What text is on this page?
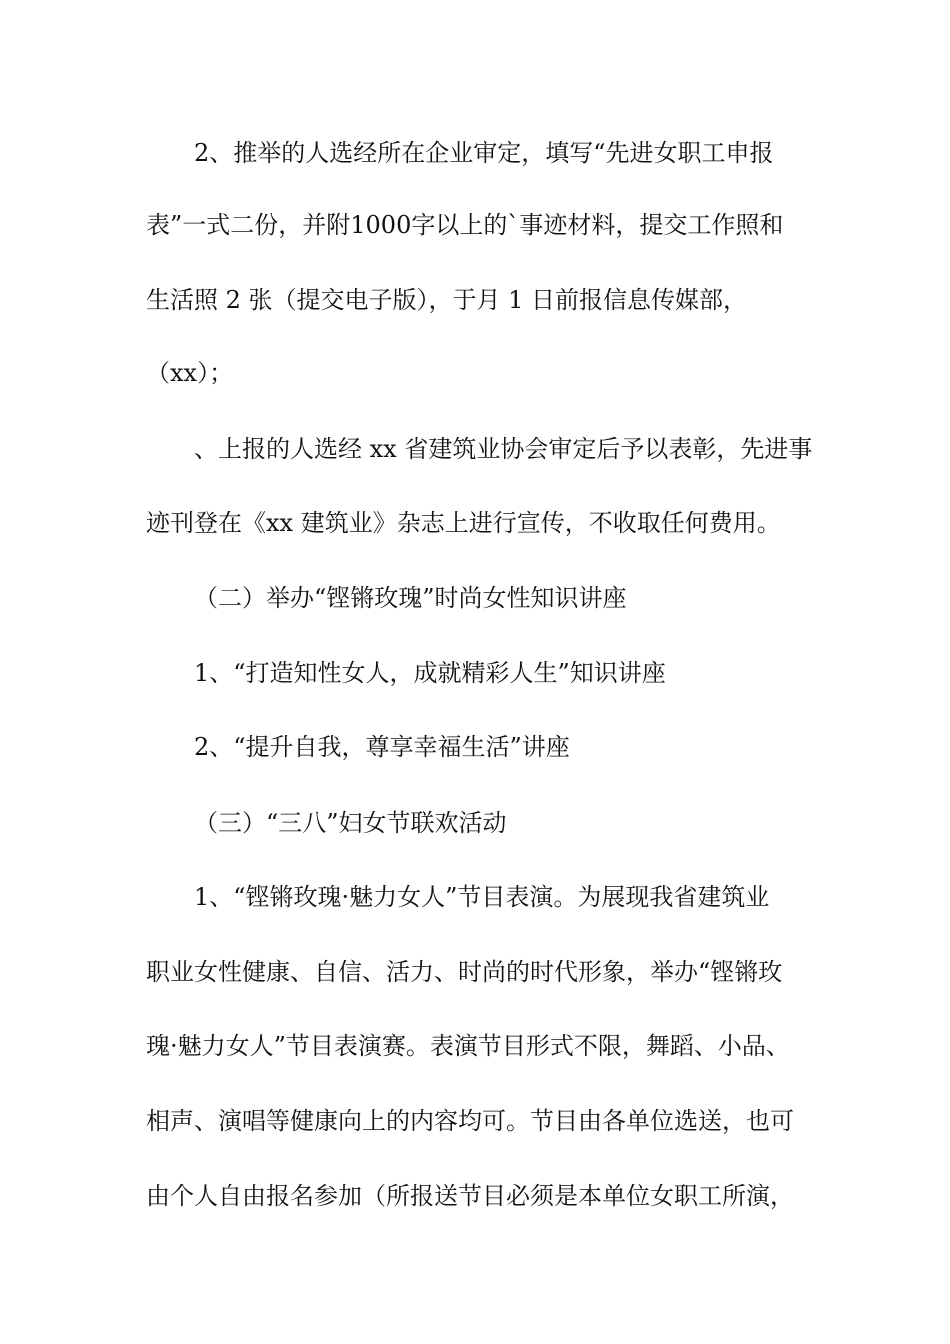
2、推举的人选经所在企业审定，填写“先进女职工申报
表”一式二份，并附1000字以上的`事迹材料，提交工作照和
生活照 2 张（提交电子版），于月 1 日前报信息传媒部，
（xx）；
、上报的人选经 xx 省建筑业协会审定后予以表彰，先进事
迹刊登在《xx 建筑业》杂志上进行宣传，不收取任何费用。
（二）举办“铿锵玫瑰”时尚女性知识讲座
1、“打造知性女人，成就精彩人生”知识讲座
2、“提升自我，尊享幸福生活”讲座
（三）“三八”妇女节联欢活动
1、“铿锵玫瑰·魅力女人”节目表演。为展现我省建筑业
职业女性健康、自信、活力、时尚的时代形象，举办“铿锵玫
瑰·魅力女人”节目表演赛。表演节目形式不限，舞蹈、小品、
相声、演唱等健康向上的内容均可。节目由各单位选送，也可
由个人自由报名参加（所报送节目必须是本单位女职工所演，
